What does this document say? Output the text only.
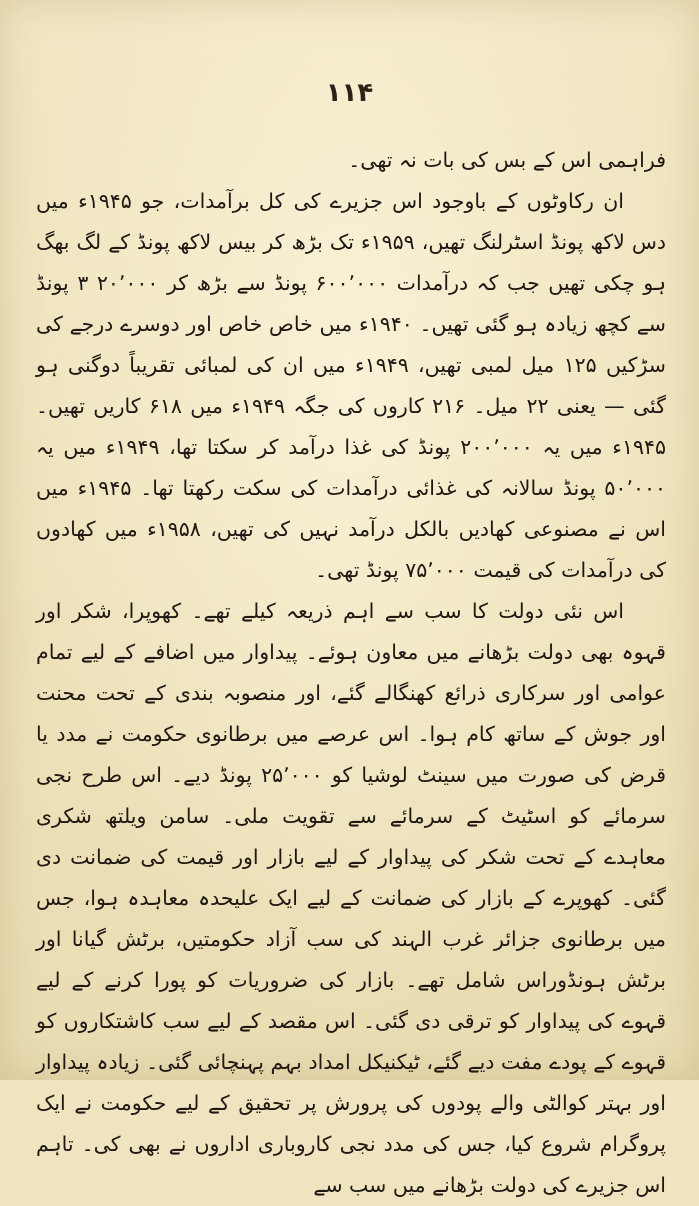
۱۱۴

فراہمی اس کے بس کی بات نہ تھی۔

ان رکاوٹوں کے باوجود اس جزیرے کی کل برآمدات، جو ۱۹۴۵ء میں دس لاکھ پونڈ اسٹرلنگ تھیں، ۱۹۵۹ء تک بڑھ کر بیس لاکھ پونڈ کے لگ بھگ ہو چکی تھیں جب کہ درآمدات ۶۰۰٬۰۰۰ پونڈ سے بڑھ کر ۲۰٬۰۰۰ ۳ پونڈ سے کچھ زیادہ ہو گئی تھیں۔ ۱۹۴۰ء میں خاص خاص اور دوسرے درجے کی سڑکیں ۱۲۵ میل لمبی تھیں، ۱۹۴۹ء میں ان کی لمبائی تقریباً دوگنی ہو گئی — یعنی ۲۲ میل۔ ۲۱۶ کاروں کی جگہ ۱۹۴۹ء میں ۶۱۸ کاریں تھیں۔ ۱۹۴۵ء میں یہ ۲۰۰٬۰۰۰ پونڈ کی غذا درآمد کر سکتا تھا، ۱۹۴۹ء میں یہ ۵۰٬۰۰۰ پونڈ سالانہ کی غذائی درآمدات کی سکت رکھتا تھا۔ ۱۹۴۵ء میں اس نے مصنوعی کھادیں بالکل درآمد نہیں کی تھیں، ۱۹۵۸ء میں کھادوں کی درآمدات کی قیمت ۷۵٬۰۰۰ پونڈ تھی۔

اس نئی دولت کا سب سے اہم ذریعہ کیلے تھے۔ کھوپرا، شکر اور قہوہ بھی دولت بڑھانے میں معاون ہوئے۔ پیداوار میں اضافے کے لیے تمام عوامی اور سرکاری ذرائع کھنگالے گئے، اور منصوبہ بندی کے تحت محنت اور جوش کے ساتھ کام ہوا۔ اس عرصے میں برطانوی حکومت نے مدد یا قرض کی صورت میں سینٹ لوشیا کو ۲۵٬۰۰۰ پونڈ دیے۔ اس طرح نجی سرمائے کو اسٹیٹ کے سرمائے سے تقویت ملی۔ سامن ویلتھ شکری معاہدے کے تحت شکر کی پیداوار کے لیے بازار اور قیمت کی ضمانت دی گئی۔ کھوپرے کے بازار کی ضمانت کے لیے ایک علیحدہ معاہدہ ہوا، جس میں برطانوی جزائر غرب الہند کی سب آزاد حکومتیں، برٹش گیانا اور برٹش ہونڈوراس شامل تھے۔ بازار کی ضروریات کو پورا کرنے کے لیے قہوے کی پیداوار کو ترقی دی گئی۔ اس مقصد کے لیے سب کاشتکاروں کو قہوے کے پودے مفت دیے گئے، ٹیکنیکل امداد بہم پہنچائی گئی۔ زیادہ پیداوار اور بہتر کوالٹی والے پودوں کی پرورش پر تحقیق کے لیے حکومت نے ایک پروگرام شروع کیا، جس کی مدد نجی کاروباری اداروں نے بھی کی۔ تاہم اس جزیرے کی دولت بڑھانے میں سب سے
